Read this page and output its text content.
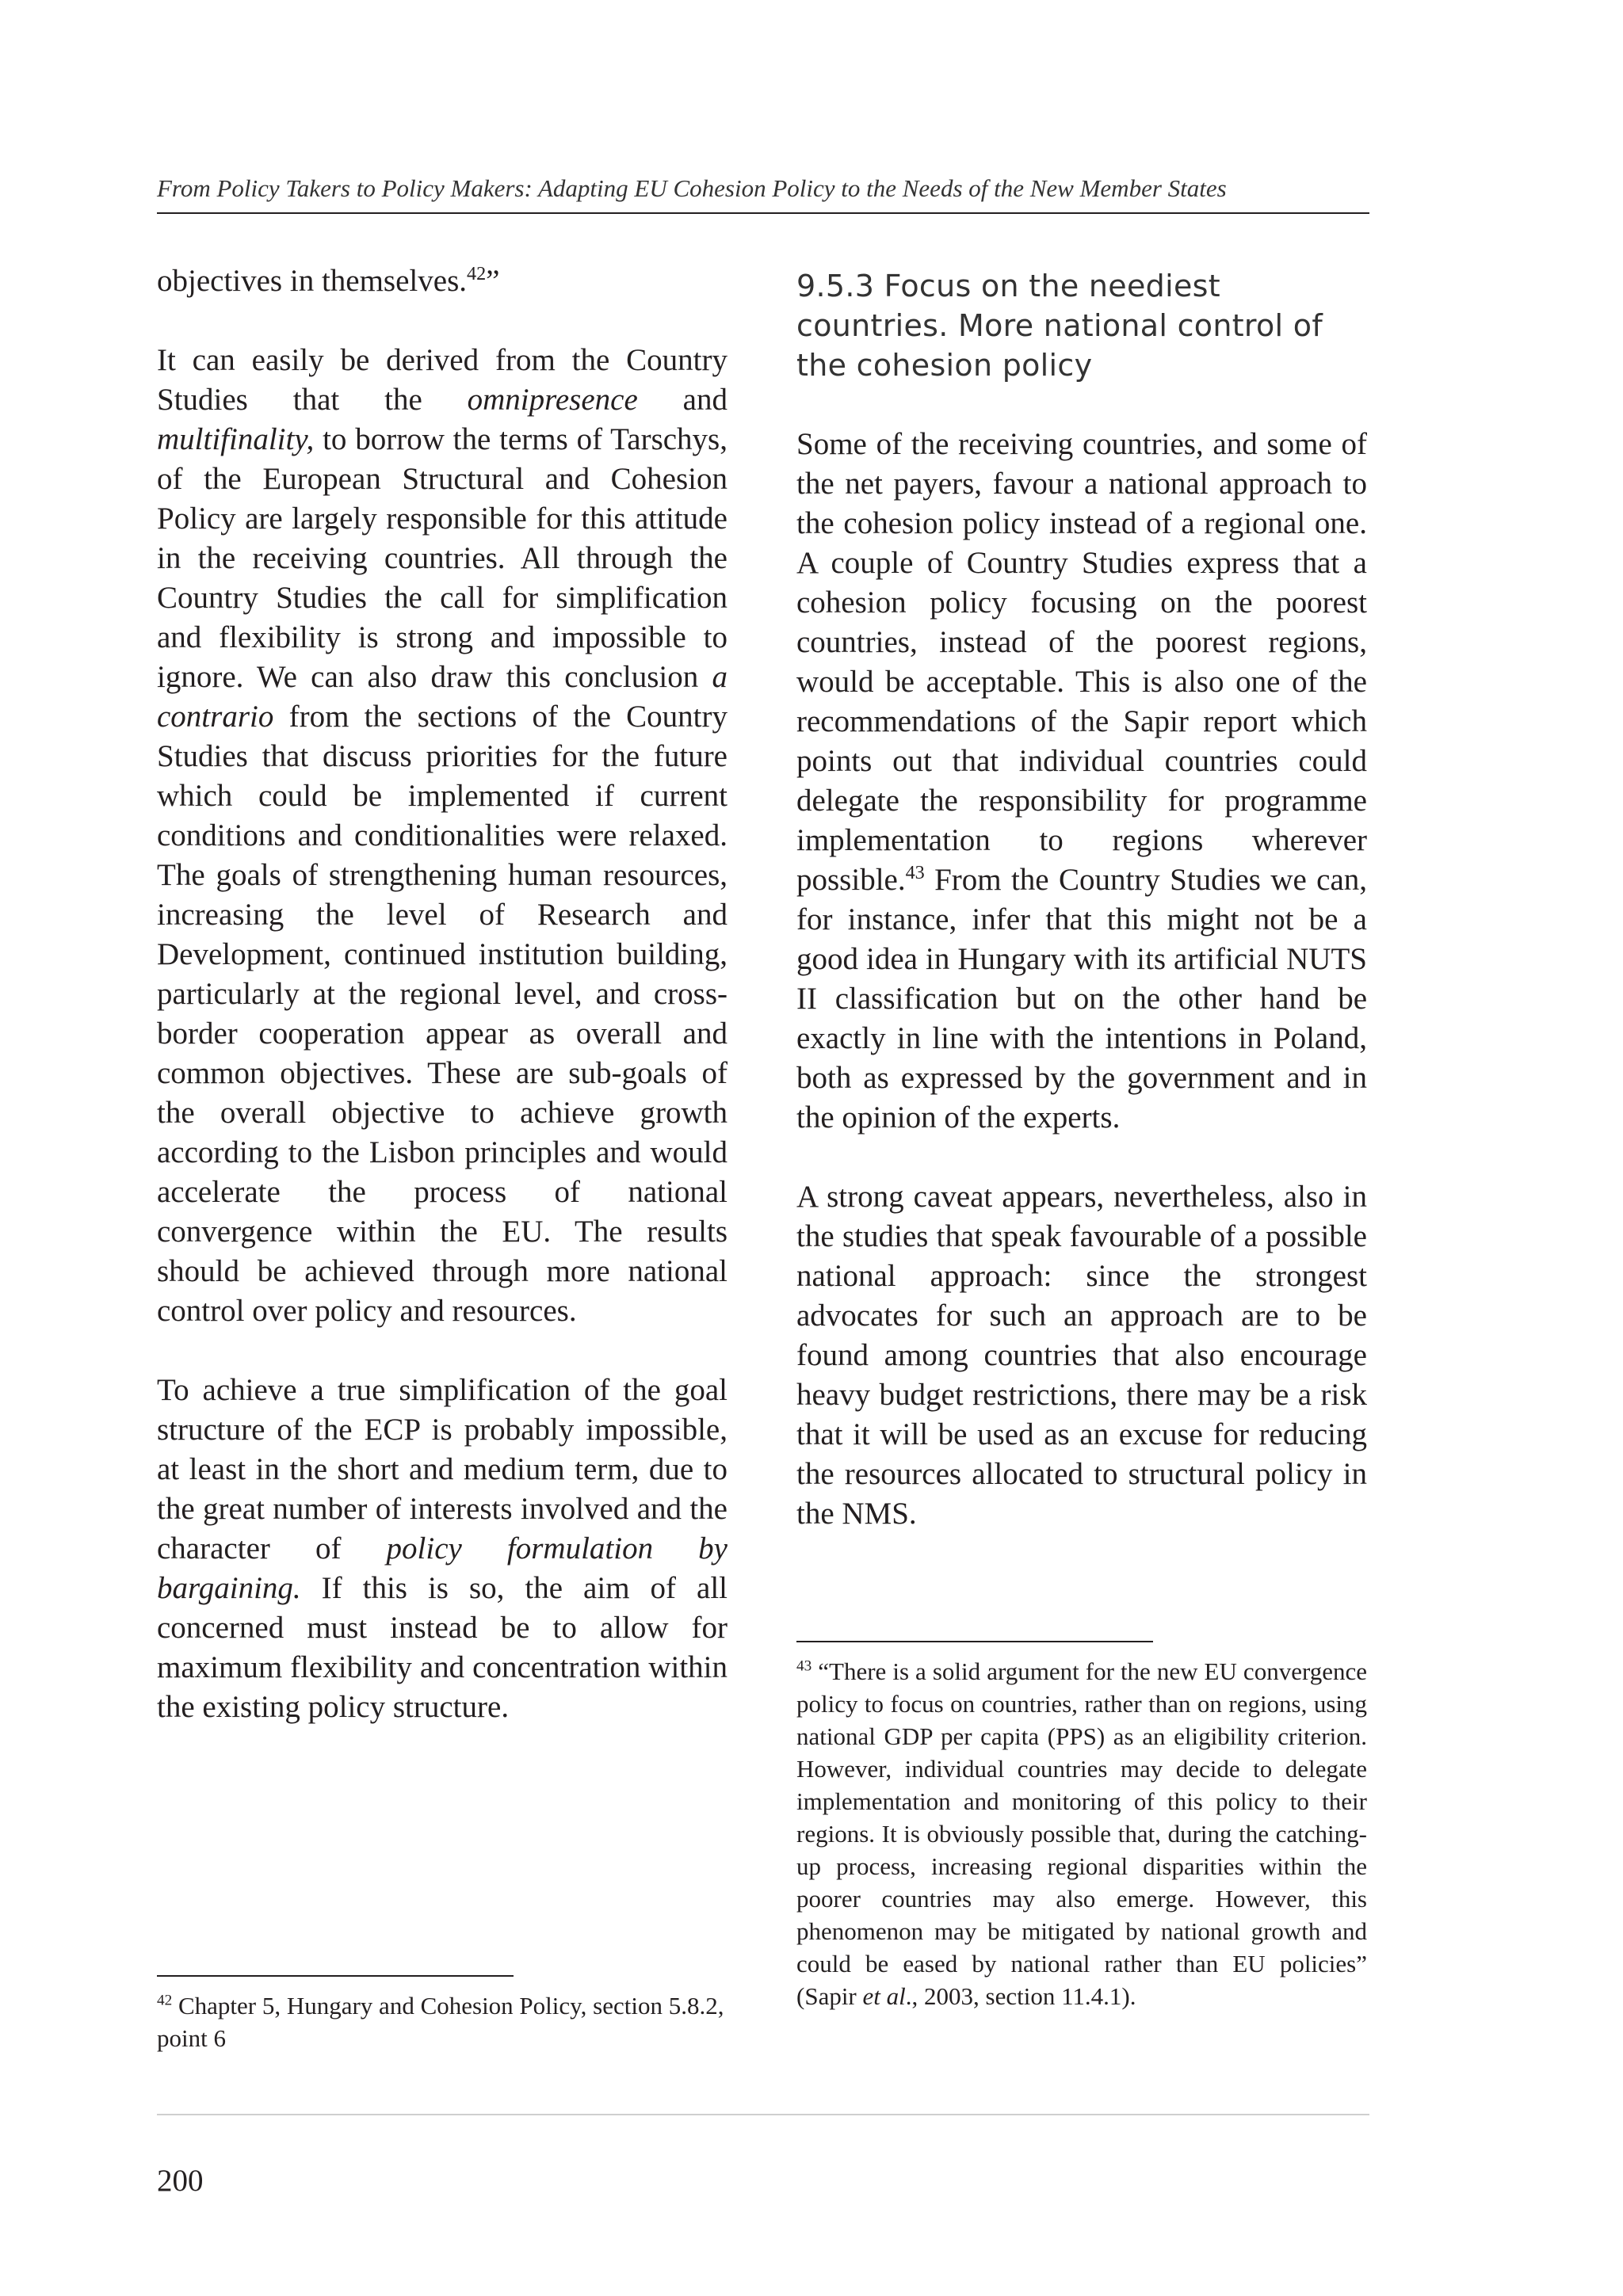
From Policy Takers to Policy Makers: Adapting EU Cohesion Policy to the Needs of the New Member States

objectives in themselves.$^{42}$”

It can easily be derived from the Country Studies that the omnipresence and multifinality, to borrow the terms of Tarschys, of the European Structural and Cohesion Policy are largely responsible for this attitude in the receiving countries. All through the Country Studies the call for simplification and flexibility is strong and impossible to ignore. We can also draw this conclusion a contrario from the sections of the Country Studies that discuss priorities for the future which could be implemented if current conditions and conditionalities were relaxed. The goals of strengthening human resources, increasing the level of Research and Development, continued institution building, particularly at the regional level, and cross-border cooperation appear as overall and common objectives. These are sub-goals of the overall objective to achieve growth according to the Lisbon principles and would accelerate the process of national convergence within the EU. The results should be achieved through more national control over policy and resources.

To achieve a true simplification of the goal structure of the ECP is probably impossible, at least in the short and medium term, due to the great number of interests involved and the character of policy formulation by bargaining. If this is so, the aim of all concerned must instead be to allow for maximum flexibility and concentration within the existing policy structure.

9.5.3 Focus on the neediest countries. More national control of the cohesion policy

Some of the receiving countries, and some of the net payers, favour a national approach to the cohesion policy instead of a regional one. A couple of Country Studies express that a cohesion policy focusing on the poorest countries, instead of the poorest regions, would be acceptable. This is also one of the recommendations of the Sapir report which points out that individual countries could delegate the responsibility for programme implementation to regions wherever possible.$^{43}$ From the Country Studies we can, for instance, infer that this might not be a good idea in Hungary with its artificial NUTS II classification but on the other hand be exactly in line with the intentions in Poland, both as expressed by the government and in the opinion of the experts.

A strong caveat appears, nevertheless, also in the studies that speak favourable of a possible national approach: since the strongest advocates for such an approach are to be found among countries that also encourage heavy budget restrictions, there may be a risk that it will be used as an excuse for reducing the resources allocated to structural policy in the NMS.

$^{43}$ “There is a solid argument for the new EU convergence policy to focus on countries, rather than on regions, using national GDP per capita (PPS) as an eligibility criterion. However, individual countries may decide to delegate implementation and monitoring of this policy to their regions. It is obviously possible that, during the catching-up process, increasing regional disparities within the poorer countries may also emerge. However, this phenomenon may be mitigated by national growth and could be eased by national rather than EU policies” (Sapir et al., 2003, section 11.4.1).

$^{42}$ Chapter 5, Hungary and Cohesion Policy, section 5.8.2, point 6

200
